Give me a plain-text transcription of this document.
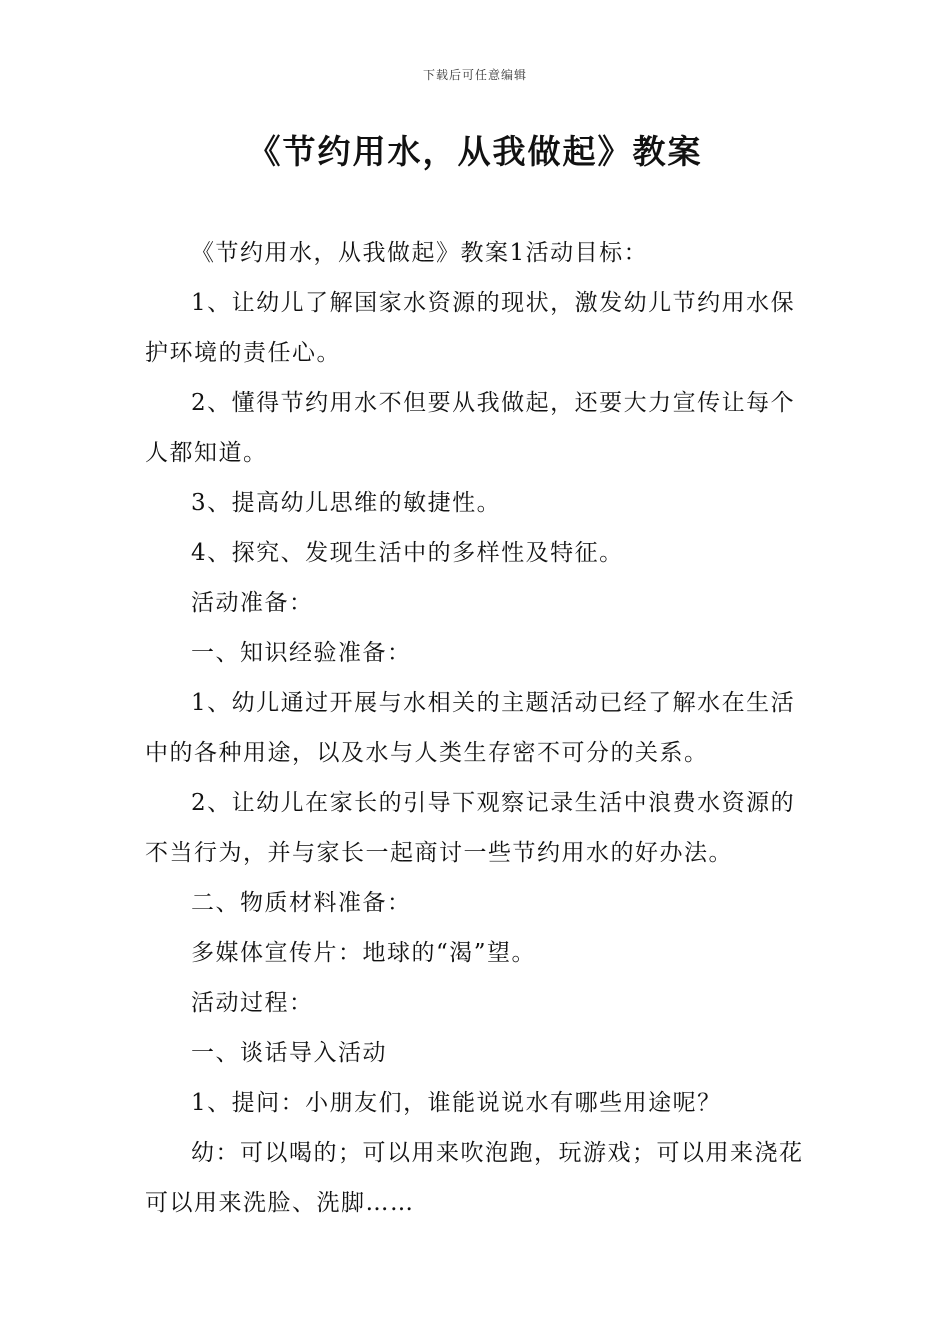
下载后可任意编辑
《节约用水，从我做起》教案

《节约用水，从我做起》教案1活动目标：

1、让幼儿了解国家水资源的现状，激发幼儿节约用水保护环境的责任心。

2、懂得节约用水不但要从我做起，还要大力宣传让每个人都知道。

3、提高幼儿思维的敏捷性。

4、探究、发现生活中的多样性及特征。

活动准备：

一、知识经验准备：

1、幼儿通过开展与水相关的主题活动已经了解水在生活中的各种用途，以及水与人类生存密不可分的关系。

2、让幼儿在家长的引导下观察记录生活中浪费水资源的不当行为，并与家长一起商讨一些节约用水的好办法。

二、物质材料准备：

多媒体宣传片：地球的“渴”望。

活动过程：

一、谈话导入活动

1、提问：小朋友们，谁能说说水有哪些用途呢？

幼：可以喝的；可以用来吹泡跑，玩游戏；可以用来浇花可以用来洗脸、洗脚……
